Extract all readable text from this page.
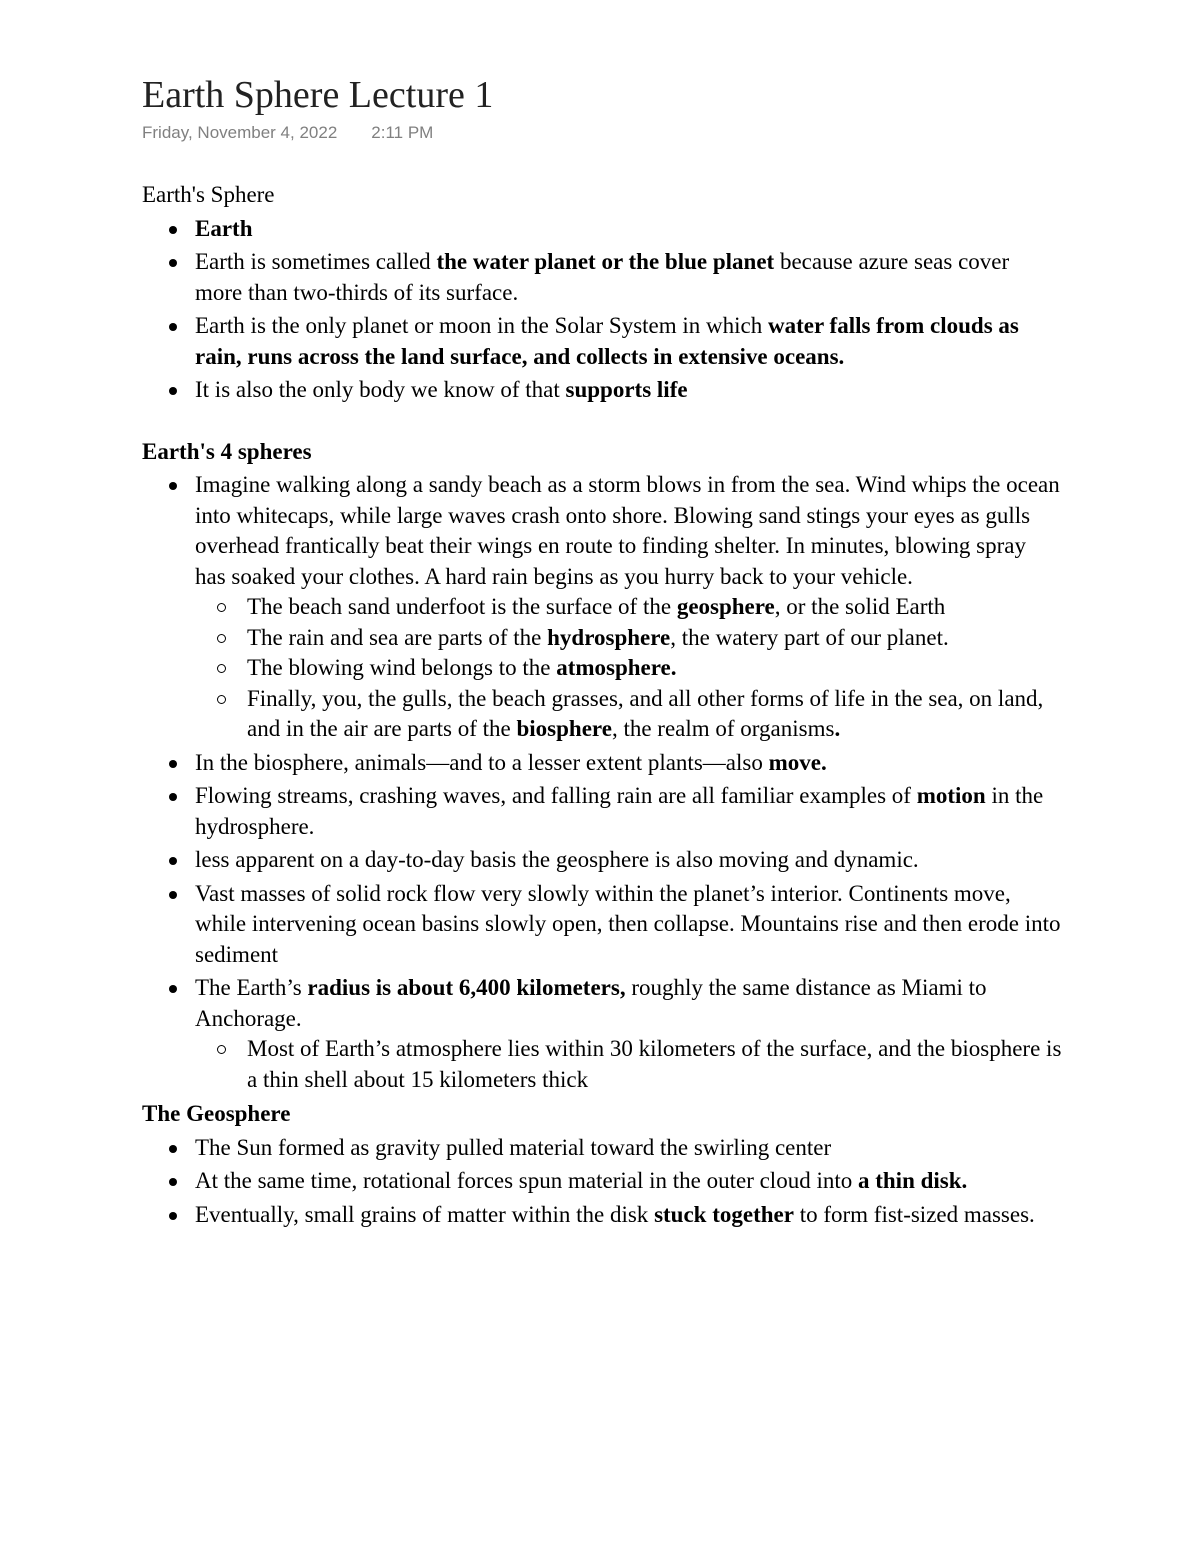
Earth Sphere Lecture 1
Friday, November 4, 2022 2:11 PM
Earth's Sphere
Earth
Earth is sometimes called the water planet or the blue planet because azure seas cover more than two-thirds of its surface.
Earth is the only planet or moon in the Solar System in which water falls from clouds as rain, runs across the land surface, and collects in extensive oceans.
It is also the only body we know of that supports life
Earth's 4 spheres
Imagine walking along a sandy beach as a storm blows in from the sea. Wind whips the ocean into whitecaps, while large waves crash onto shore. Blowing sand stings your eyes as gulls overhead frantically beat their wings en route to finding shelter. In minutes, blowing spray has soaked your clothes. A hard rain begins as you hurry back to your vehicle.
The beach sand underfoot is the surface of the geosphere, or the solid Earth
The rain and sea are parts of the hydrosphere, the watery part of our planet.
The blowing wind belongs to the atmosphere.
Finally, you, the gulls, the beach grasses, and all other forms of life in the sea, on land, and in the air are parts of the biosphere, the realm of organisms.
In the biosphere, animals—and to a lesser extent plants—also move.
Flowing streams, crashing waves, and falling rain are all familiar examples of motion in the hydrosphere.
less apparent on a day-to-day basis the geosphere is also moving and dynamic.
Vast masses of solid rock flow very slowly within the planet’s interior. Continents move, while intervening ocean basins slowly open, then collapse. Mountains rise and then erode into sediment
The Earth’s radius is about 6,400 kilometers, roughly the same distance as Miami to Anchorage.
Most of Earth’s atmosphere lies within 30 kilometers of the surface, and the biosphere is a thin shell about 15 kilometers thick
The Geosphere
The Sun formed as gravity pulled material toward the swirling center
At the same time, rotational forces spun material in the outer cloud into a thin disk.
Eventually, small grains of matter within the disk stuck together to form fist-sized masses.
